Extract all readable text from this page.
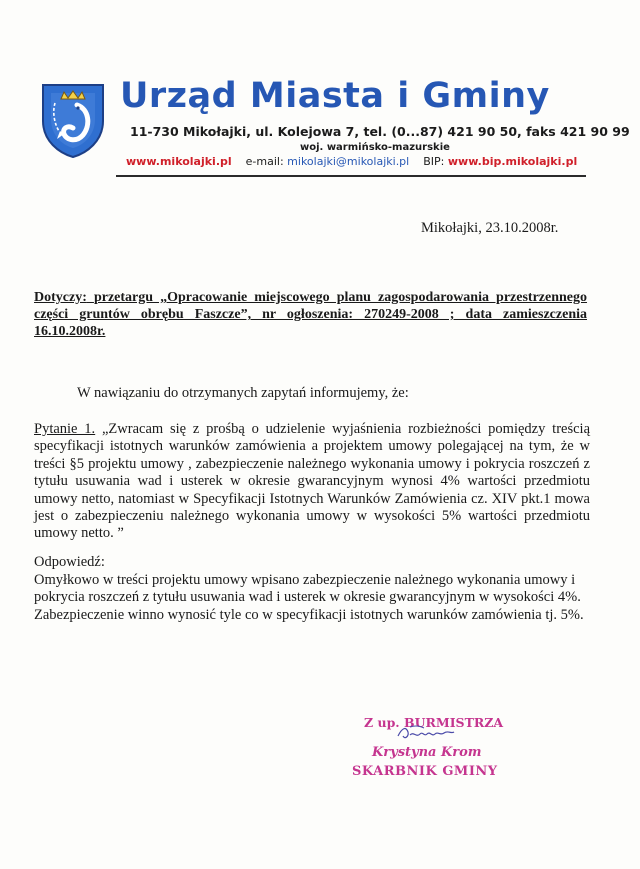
Urząd Miasta i Gminy
11-730 Mikołajki, ul. Kolejowa 7, tel. (0...87) 421 90 50, faks 421 90 99
woj. warmińsko-mazurskie
www.mikolajki.pl e-mail: mikolajki@mikolajki.pl BIP: www.bip.mikolajki.pl
Mikołajki, 23.10.2008r.
Dotyczy: przetargu „Opracowanie miejscowego planu zagospodarowania przestrzennego części gruntów obrębu Faszcze”, nr ogłoszenia: 270249-2008 ; data zamieszczenia 16.10.2008r.
W nawiązaniu do otrzymanych zapytań informujemy, że:
Pytanie 1. „Zwracam się z prośbą o udzielenie wyjaśnienia rozbieżności pomiędzy treścią specyfikacji istotnych warunków zamówienia a projektem umowy polegającej na tym, że w treści §5 projektu umowy , zabezpieczenie należnego wykonania umowy i pokrycia roszczeń z tytułu usuwania wad i usterek w okresie gwarancyjnym wynosi 4% wartości przedmiotu umowy netto, natomiast w Specyfikacji Istotnych Warunków Zamówienia cz. XIV pkt.1 mowa jest o zabezpieczeniu należnego wykonania umowy w wysokości 5% wartości przedmiotu umowy netto. ”
Odpowiedź:
Omyłkowo w treści projektu umowy wpisano zabezpieczenie należnego wykonania umowy i pokrycia roszczeń z tytułu usuwania wad i usterek w okresie gwarancyjnym w wysokości 4%. Zabezpieczenie winno wynosić tyle co w specyfikacji istotnych warunków zamówienia tj. 5%.
Z up. BURMISTRZA
Krystyna Krom
SKARBNIK GMINY
